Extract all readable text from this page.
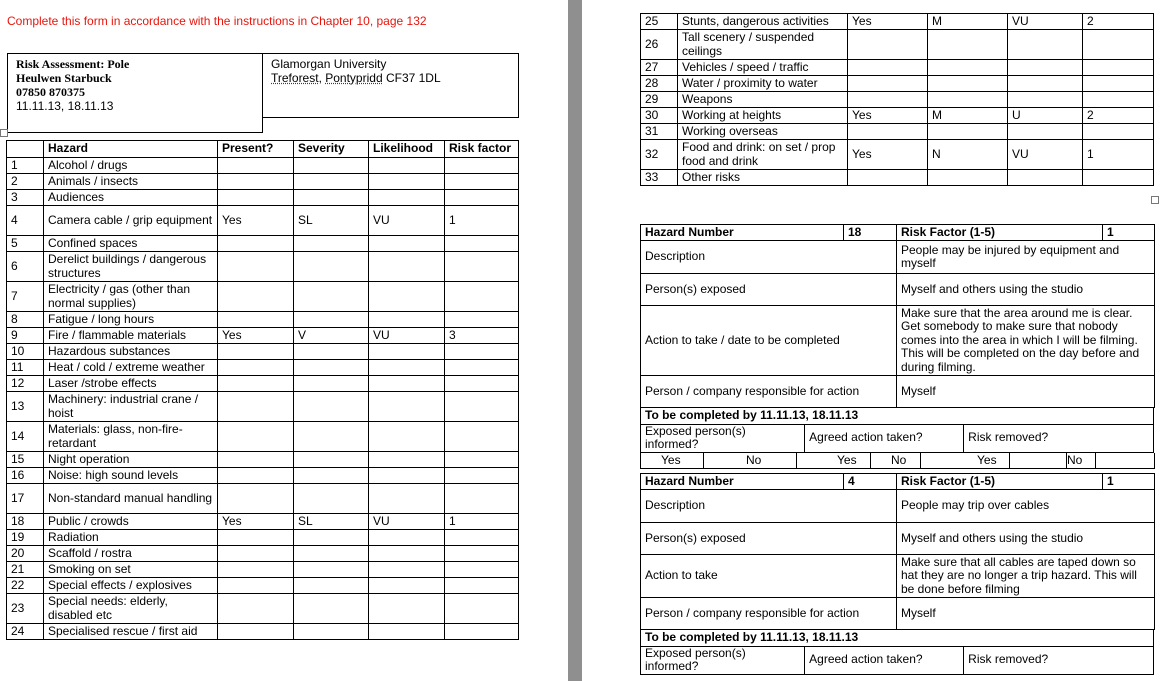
Complete this form in accordance with the instructions in Chapter 10, page 132
Risk Assessment: Pole
Heulwen Starbuck
07850 870375
11.11.13, 18.11.13
Glamorgan University
Treforest, Pontypridd CF37 1DL
	Hazard	Present?	Severity	Likelihood	Risk factor
1	Alcohol / drugs				
2	Animals / insects				
3	Audiences				
4	Camera cable / grip equipment	Yes	SL	VU	1
5	Confined spaces				
6	Derelict buildings / dangerous structures				
7	Electricity / gas (other than normal supplies)				
8	Fatigue / long hours				
9	Fire / flammable materials	Yes	V	VU	3
10	Hazardous substances				
11	Heat / cold / extreme weather				
12	Laser /strobe effects				
13	Machinery: industrial crane / hoist				
14	Materials: glass, non-fire-retardant				
15	Night operation				
16	Noise: high sound levels				
17	Non-standard manual handling				
18	Public / crowds	Yes	SL	VU	1
19	Radiation				
20	Scaffold / rostra				
21	Smoking on set				
22	Special effects / explosives				
23	Special needs: elderly, disabled etc				
24	Specialised rescue / first aid				
25	Stunts, dangerous activities	Yes	M	VU	2
26	Tall scenery / suspended ceilings				
27	Vehicles / speed / traffic				
28	Water / proximity to water				
29	Weapons				
30	Working at heights	Yes	M	U	2
31	Working overseas				
32	Food and drink: on set / prop food and drink	Yes	N	VU	1
33	Other risks				
Hazard Number	18	Risk Factor (1-5)	1
Description		People may be injured by equipment and myself	
Person(s) exposed		Myself and others using the studio	
Action to take / date to be completed		Make sure that the area around me is clear. Get somebody to make sure that nobody comes into the area in which I will be filming. This will be completed on the day before and during filming.	
Person / company responsible for action		Myself	
To be completed by 11.11.13, 18.11.13
Exposed person(s) informed?	Agreed action taken?	Risk removed?
Yes	No	Yes	No	Yes		No	
Hazard Number	4	Risk Factor (1-5)	1
Description		People may trip over cables	
Person(s) exposed		Myself and others using the studio	
Action to take		Make sure that all cables are taped down so hat they are no longer a trip hazard. This will be done before filming	
Person / company responsible for action		Myself	
To be completed by 11.11.13, 18.11.13
Exposed person(s) informed?	Agreed action taken?	Risk removed?
